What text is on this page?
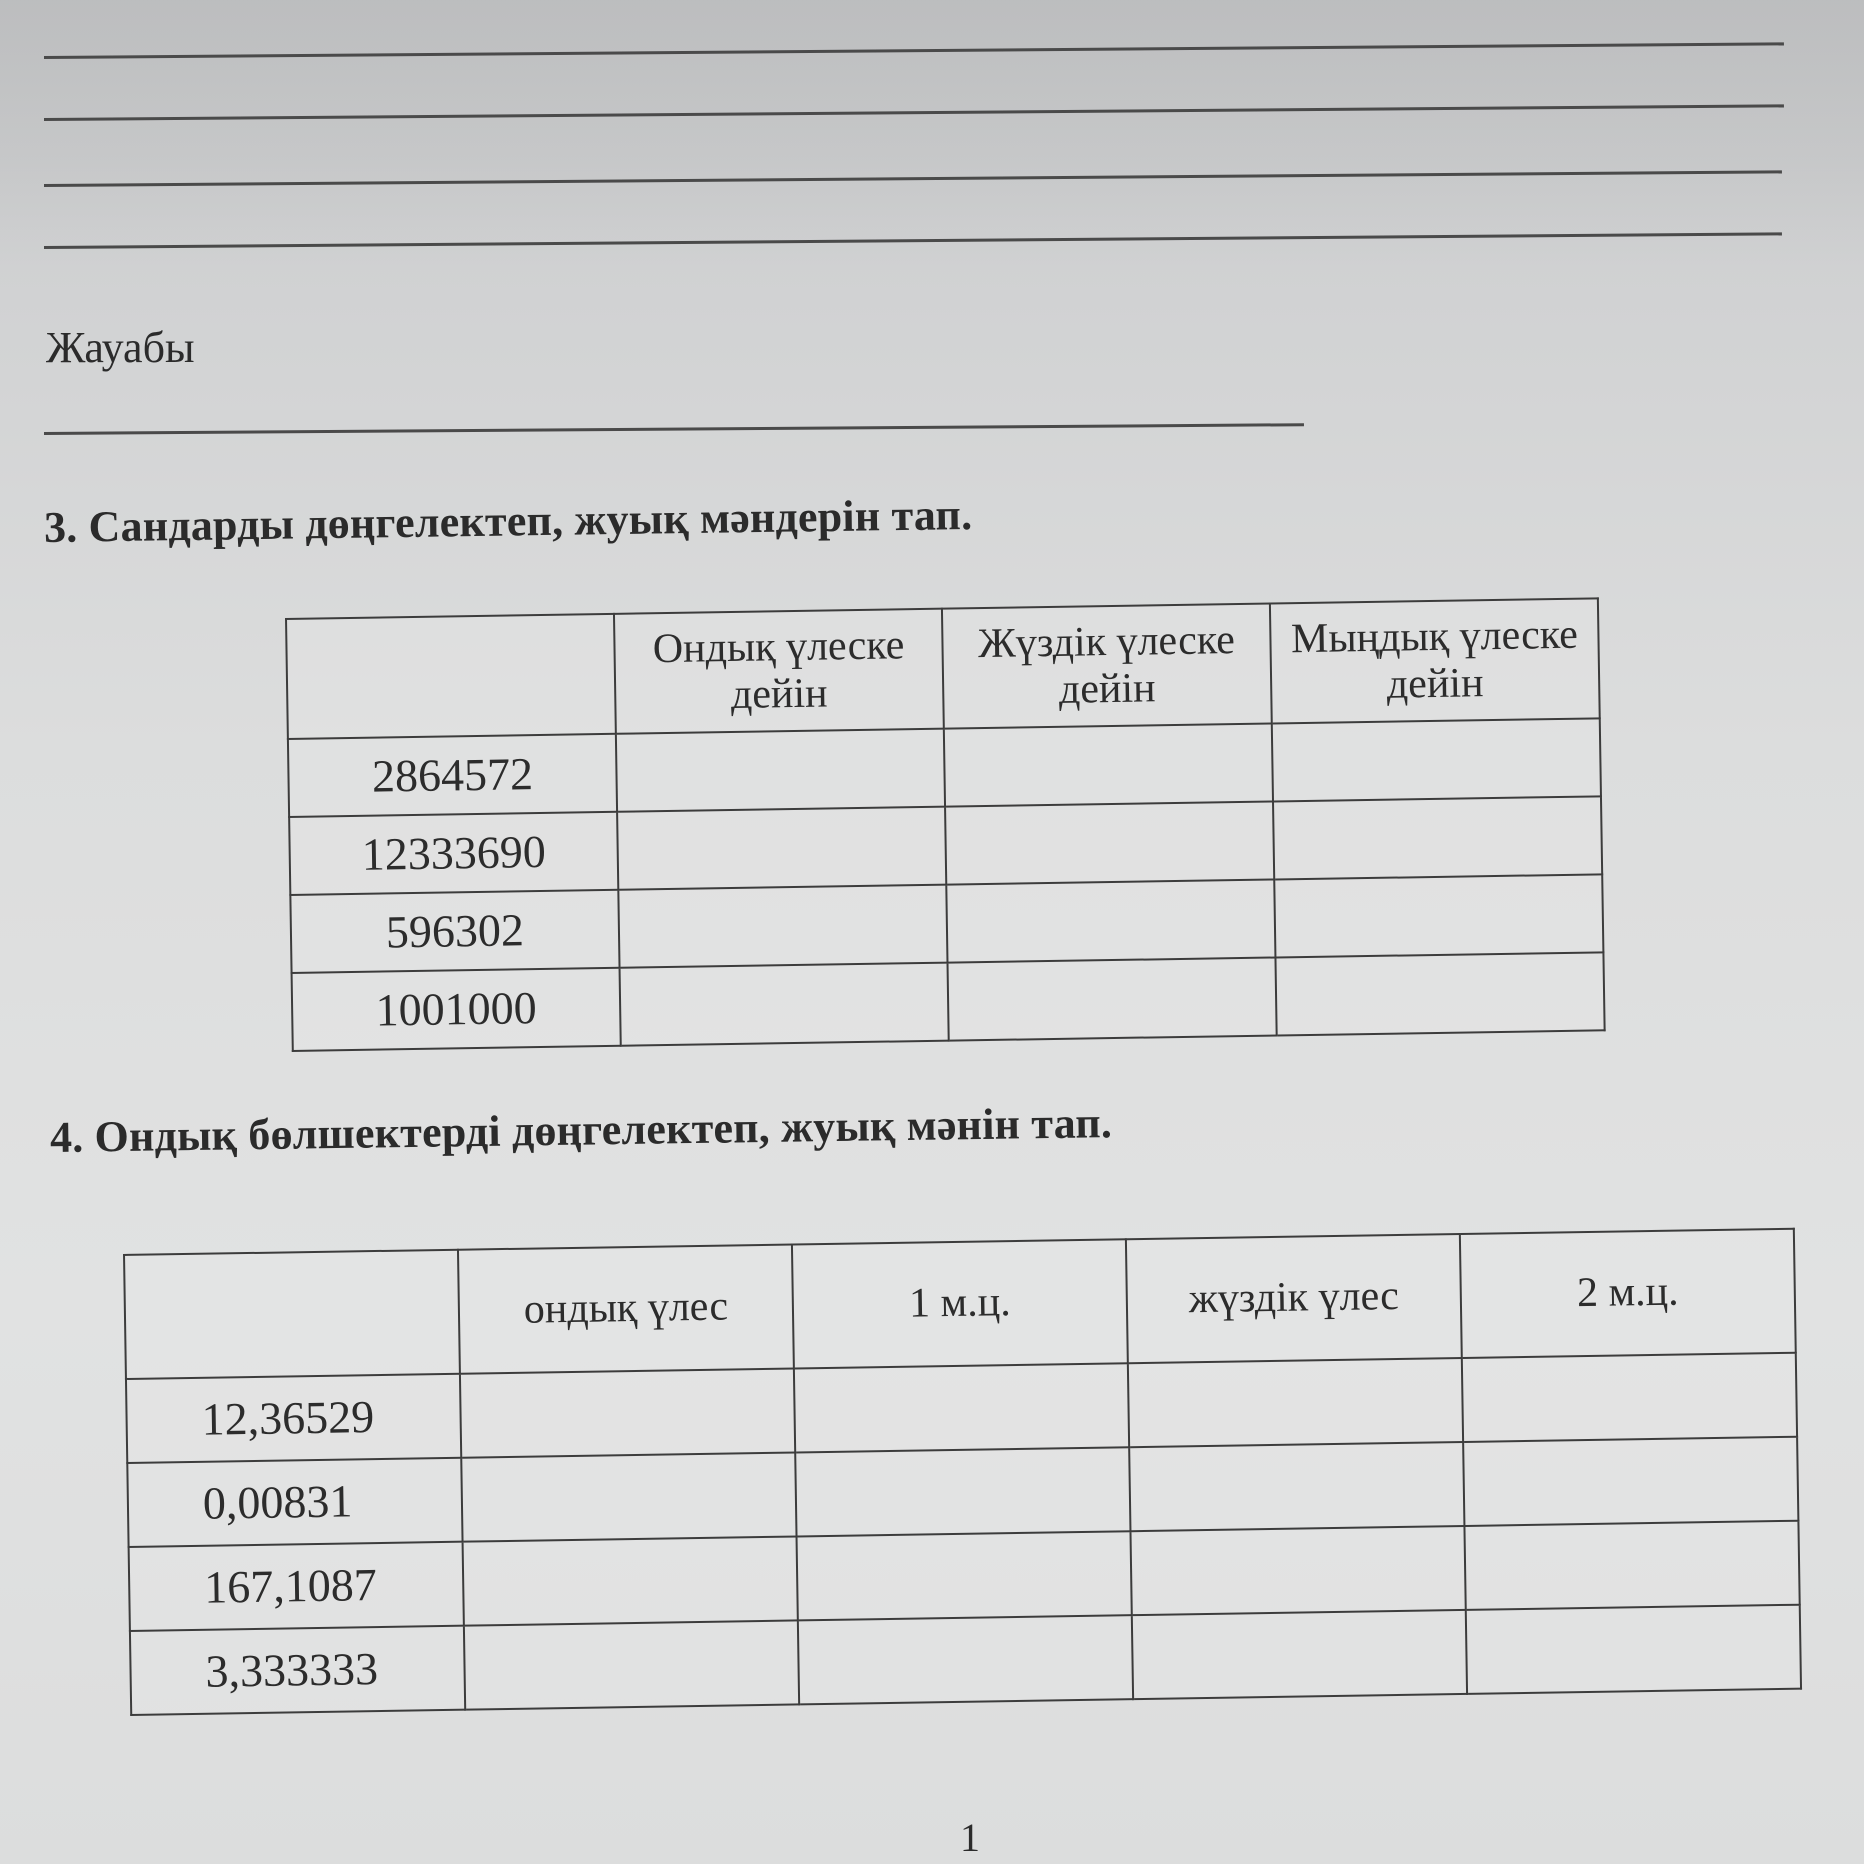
Жауабы
3. Сандарды дөңгелектеп, жуық мәндерін тап.
	Ондық үлеске дейін	Жүздік үлеске дейін	Мыңдық үлеске дейін
2864572			
12333690			
596302			
1001000			
4. Ондық бөлшектерді дөңгелектеп, жуық мәнін тап.
	ондық үлес	1 м.ц.	жүздік үлес	2 м.ц.
12,36529				
0,00831				
167,1087				
3,333333				
1
